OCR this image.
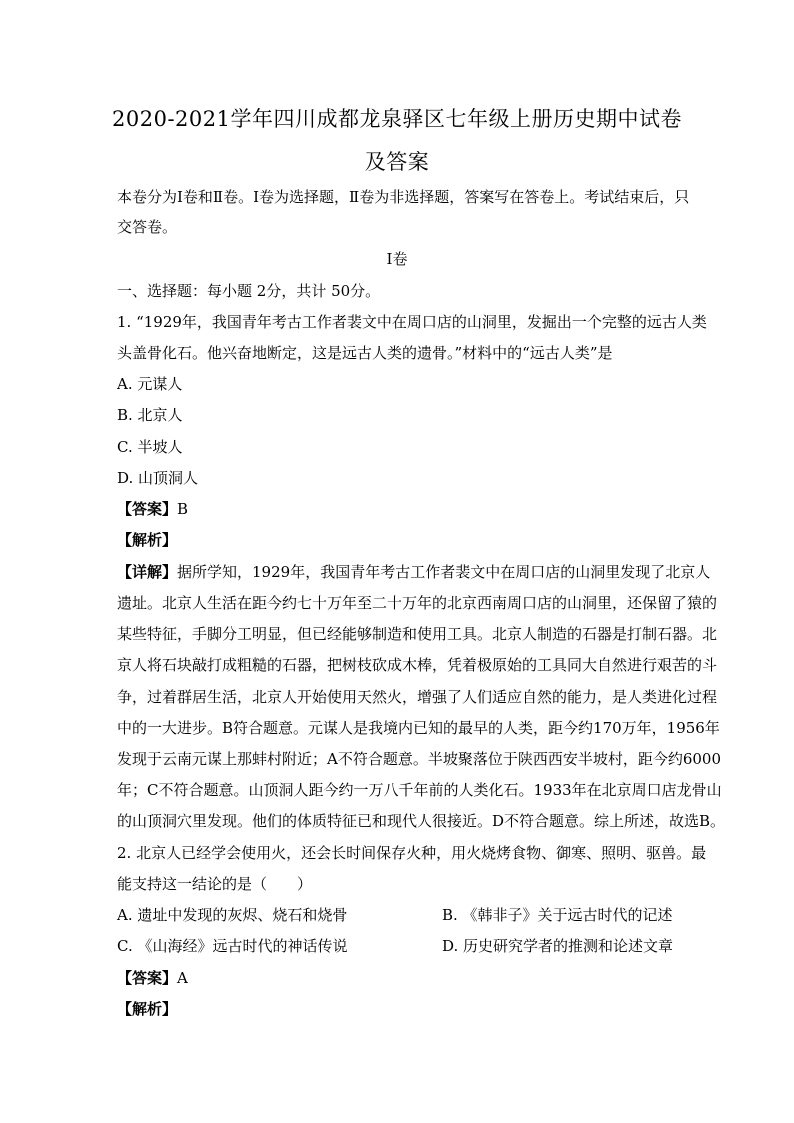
2020-2021学年四川成都龙泉驿区七年级上册历史期中试卷
及答案
本卷分为Ⅰ卷和Ⅱ卷。Ⅰ卷为选择题，Ⅱ卷为非选择题，答案写在答卷上。考试结束后，只
交答卷。
Ⅰ卷
一、选择题：每小题 2分，共计 50分。
1. “1929年，我国青年考古工作者裴文中在周口店的山洞里，发掘出一个完整的远古人类
头盖骨化石。他兴奋地断定，这是远古人类的遗骨。”材料中的“远古人类”是
A. 元谋人
B. 北京人
C. 半坡人
D. 山顶洞人
【答案】B
【解析】
【详解】据所学知，1929年，我国青年考古工作者裴文中在周口店的山洞里发现了北京人
遗址。北京人生活在距今约七十万年至二十万年的北京西南周口店的山洞里，还保留了猿的
某些特征，手脚分工明显，但已经能够制造和使用工具。北京人制造的石器是打制石器。北
京人将石块敲打成粗糙的石器，把树枝砍成木棒，凭着极原始的工具同大自然进行艰苦的斗
争，过着群居生活，北京人开始使用天然火，增强了人们适应自然的能力，是人类进化过程
中的一大进步。B符合题意。元谋人是我境内已知的最早的人类，距今约170万年，1956年
发现于云南元谋上那蚌村附近；A不符合题意。半坡聚落位于陕西西安半坡村，距今约6000
年；C不符合题意。山顶洞人距今约一万八千年前的人类化石。1933年在北京周口店龙骨山
的山顶洞穴里发现。他们的体质特征已和现代人很接近。D不符合题意。综上所述，故选B。
2. 北京人已经学会使用火，还会长时间保存火种，用火烧烤食物、御寒、照明、驱兽。最
能支持这一结论的是（　　）
A. 遗址中发现的灰烬、烧石和烧骨	B. 《韩非子》关于远古时代的记述
C. 《山海经》远古时代的神话传说	D. 历史研究学者的推测和论述文章
【答案】A
【解析】
